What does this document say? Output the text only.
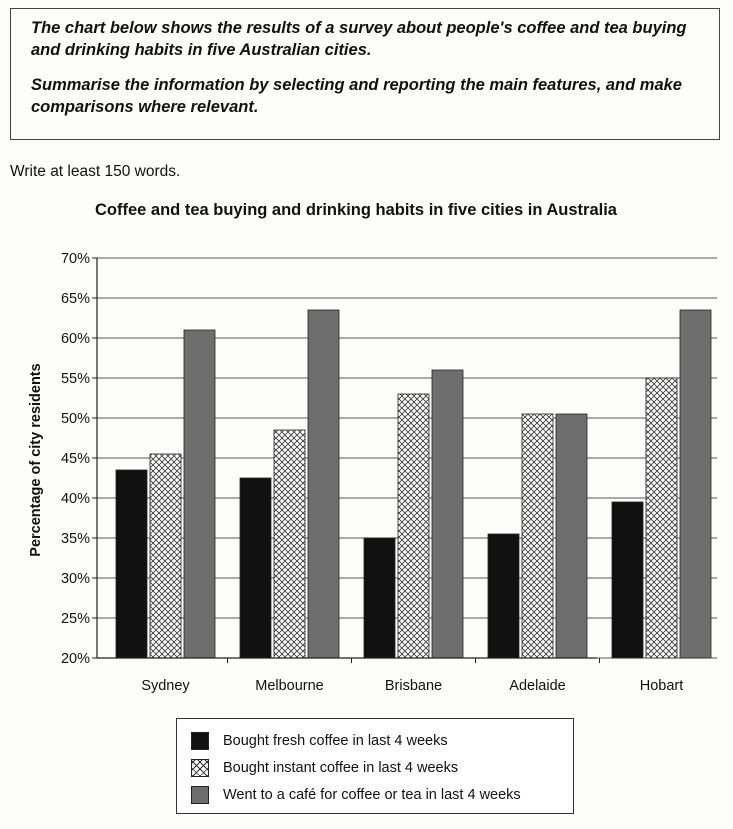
The chart below shows the results of a survey about people's coffee and tea buying and drinking habits in five Australian cities.

Summarise the information by selecting and reporting the main features, and make comparisons where relevant.

Write at least 150 words.
Coffee and tea buying and drinking habits in five cities in Australia
20%
25%
30%
35%
40%
45%
50%
55%
60%
65%
70%
Sydney	Melbourne	Brisbane	Adelaide	Hobart
Percentage of city residents
Bought fresh coffee in last 4 weeks
Bought instant coffee in last 4 weeks
Went to a café for coffee or tea in last 4 weeks
